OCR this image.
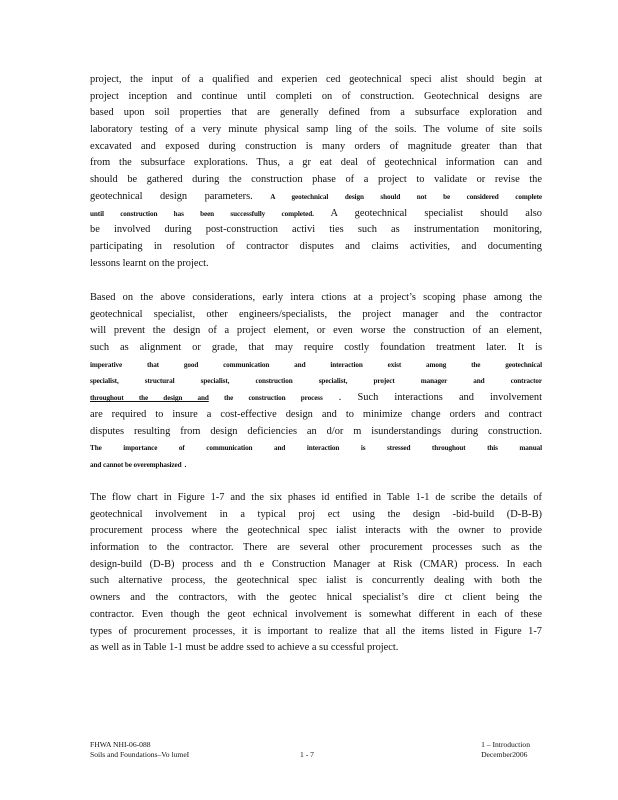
project, the input of a qualified and experien ced geotechnical speci alist should begin at
project inception and continue until completi on of construction. Geotechnical designs are
based upon soil properties that are generally defined from a subsurface exploration and
laboratory testing of a very minute physical samp ling of the soils. The volume of site soils
excavated and exposed during construction is many orders of magnitude greater than that
from the subsurface explorations. Thus, a gr eat deal of geotechnical information can and
should be gathered during the construction phase of a project to validate or revise the
geotechnical design parameters. A geotechnical design should not be considered complete
until construction has been successfully completed. A geotechnical specialist should also
be involved during post-construction activi ties such as instrumentation monitoring,
participating in resolution of contractor disputes and claims activities, and documenting
lessons learnt on the project.
Based on the above considerations, early intera ctions at a project’s scoping phase among the
geotechnical specialist, other engineers/specialists, the project manager and the contractor
will prevent the design of a project element, or even worse the construction of an element,
such as alignment or grade, that may require costly foundation treatment later. It is
imperative that good communication and interaction exist among the geotechnical
specialist, structural specialist, construction specialist, project manager and contractor
throughout the design and the construction process . Such interactions and involvement
are required to insure a cost-effective design and to minimize change orders and contract
disputes resulting from design deficiencies an d/or m isunderstandings during construction.
The importance of communication and interaction is stressed throughout this manual
and cannot be overemphasized .
The flow chart in Figure 1-7 and the six phases id entified in Table 1-1 de scribe the details of
geotechnical involvement in a typical proj ect using the design -bid-build (D-B-B)
procurement process where the geotechnical spec ialist interacts with the owner to provide
information to the contractor. There are several other procurement processes such as the
design-build (D-B) process and th e Construction Manager at Risk (CMAR) process. In each
such alternative process, the geotechnical spec ialist is concurrently dealing with both the
owners and the contractors, with the geotec hnical specialist’s dire ct client being the
contractor. Even though the geot echnical involvement is somewhat different in each of these
types of procurement processes, it is important to realize that all the items listed in Figure 1-7
as well as in Table 1-1 must be addre ssed to achieve a su ccessful project.
FHWA NHI-06-088
Soils and Foundations–Vo lumeI	1 - 7
1 – Introduction
December2006
